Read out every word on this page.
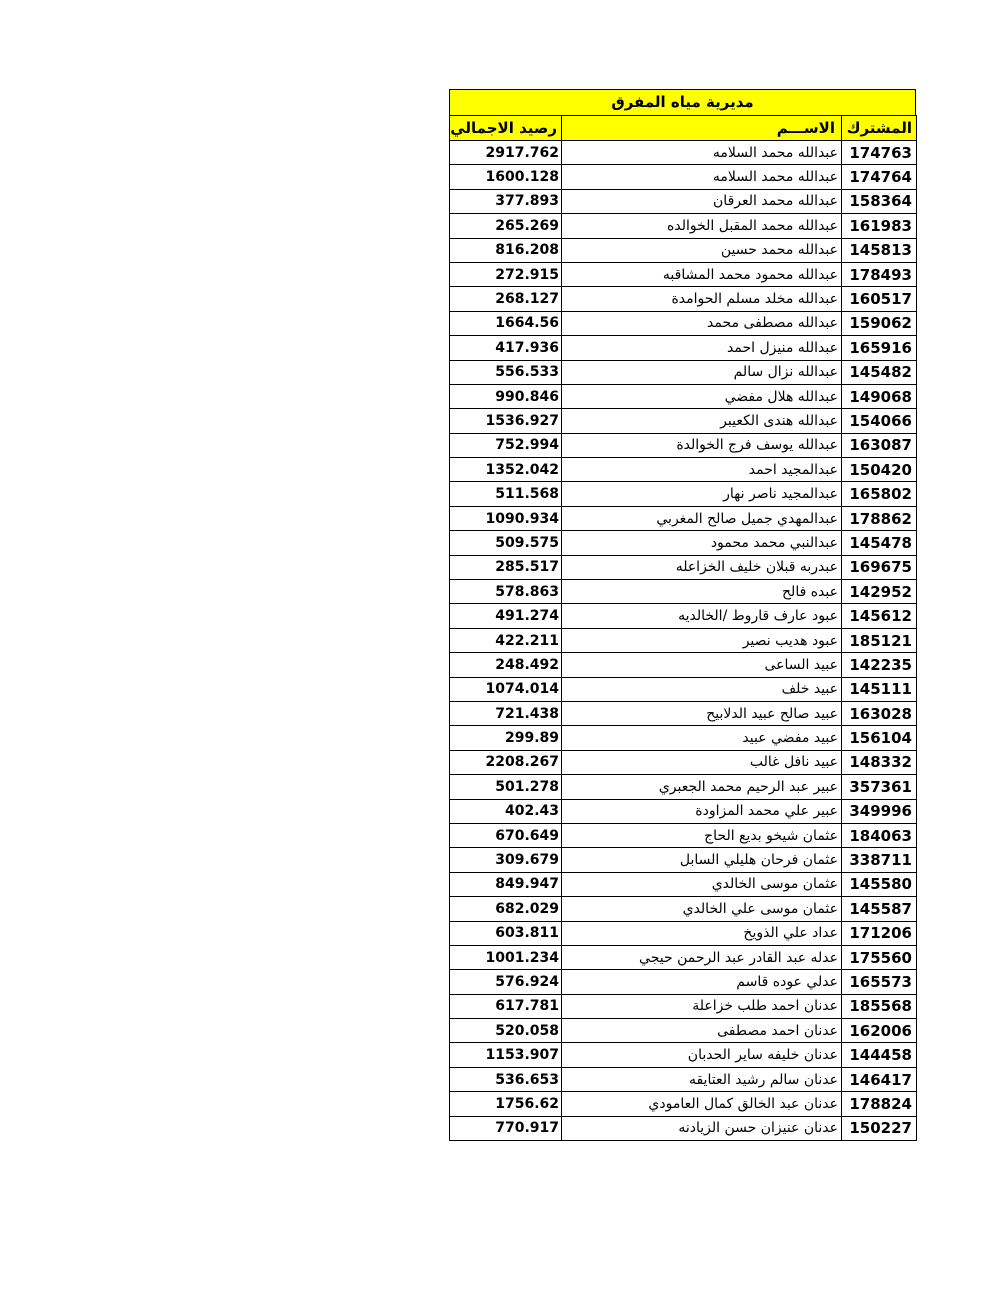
مديرية مياه المفرق
المشترك	الاســـم	رصيد الاجمالي
174763	عبدالله محمد السلامه	2917.762
174764	عبدالله محمد السلامه	1600.128
158364	عبدالله محمد العرقان	377.893
161983	عبدالله محمد المقبل الخوالده	265.269
145813	عبدالله محمد حسين	816.208
178493	عبدالله محمود محمد المشاقبه	272.915
160517	عبدالله مخلد مسلم الحوامدة	268.127
159062	عبدالله مصطفى محمد	1664.56
165916	عبدالله منيزل احمد	417.936
145482	عبدالله نزال سالم	556.533
149068	عبدالله هلال مفضي	990.846
154066	عبدالله هندى الكعيبر	1536.927
163087	عبدالله يوسف فرج الخوالدة	752.994
150420	عبدالمجيد احمد	1352.042
165802	عبدالمجيد ناصر نهار	511.568
178862	عبدالمهدي جميل صالح المغربي	1090.934
145478	عبدالنبي محمد محمود	509.575
169675	عبدربه قبلان خليف الخزاعله	285.517
142952	عبده فالح	578.863
145612	عبود عارف قاروط /الخالديه	491.274
185121	عبود هديب نصير	422.211
142235	عبيد الساعى	248.492
145111	عبيد خلف	1074.014
163028	عبيد صالح عبيد الدلابيح	721.438
156104	عبيد مفضي عبيد	299.89
148332	عبيد نافل غالب	2208.267
357361	عبير عبد الرحيم محمد الجعبري	501.278
349996	عبير علي محمد المزاودة	402.43
184063	عثمان شيخو بديع الحاج	670.649
338711	عثمان فرحان هليلي السابل	309.679
145580	عثمان موسى الخالدي	849.947
145587	عثمان موسى علي الخالدي	682.029
171206	عداد علي الذويخ	603.811
175560	عدله عبد القادر عبد الرحمن حيجي	1001.234
165573	عدلي عوده قاسم	576.924
185568	عدنان احمد طلب خزاعلة	617.781
162006	عدنان احمد مصطفى	520.058
144458	عدنان خليفه ساير الحدبان	1153.907
146417	عدنان سالم رشيد العتايقه	536.653
178824	عدنان عبد الخالق كمال العامودي	1756.62
150227	عدنان عنيزان حسن الزيادنه	770.917
